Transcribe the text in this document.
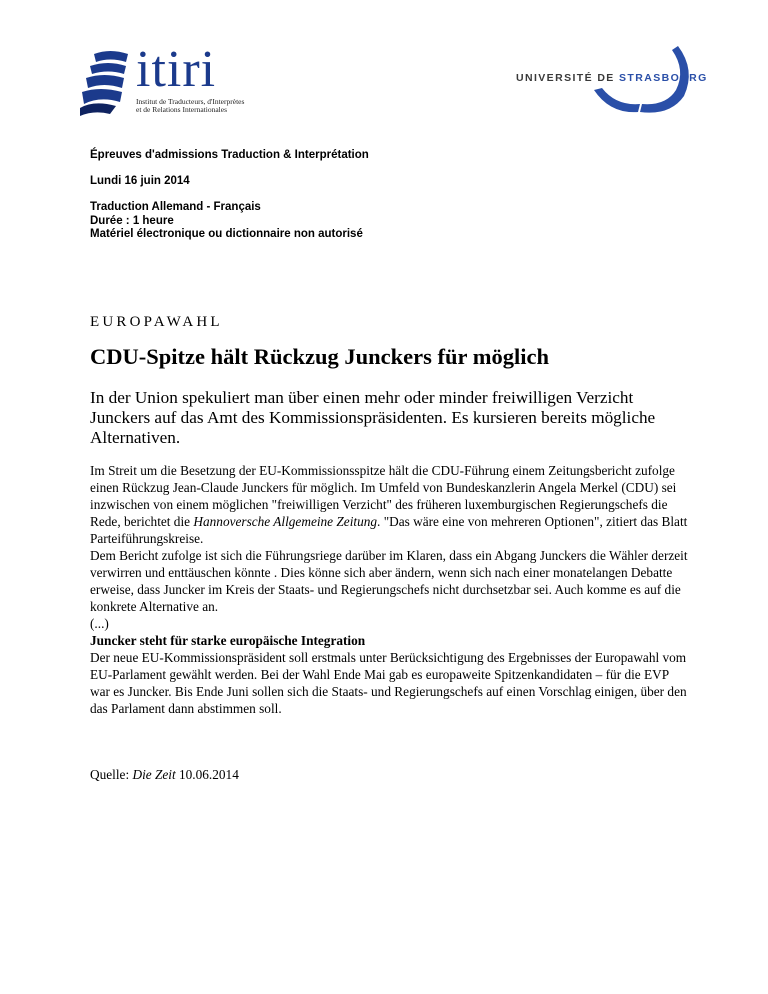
itiri
Institut de Traducteurs, d'Interprètes
et de Relations Internationales
UNIVERSITÉ DE STRASBOURG
Épreuves d'admissions Traduction & Interprétation
Lundi 16 juin 2014
Traduction Allemand - Français
Durée : 1 heure
Matériel électronique ou dictionnaire non autorisé
EUROPAWAHL
CDU-Spitze hält Rückzug Junckers für möglich
In der Union spekuliert man über einen mehr oder minder freiwilligen Verzicht Junckers auf das Amt des Kommissionspräsidenten. Es kursieren bereits mögliche Alternativen.

Im Streit um die Besetzung der EU-Kommissionsspitze hält die CDU-Führung einem Zeitungsbericht zufolge einen Rückzug Jean-Claude Junckers für möglich. Im Umfeld von Bundeskanzlerin Angela Merkel (CDU) sei inzwischen von einem möglichen "freiwilligen Verzicht" des früheren luxemburgischen Regierungschefs die Rede, berichtet die Hannoversche Allgemeine Zeitung. "Das wäre eine von mehreren Optionen", zitiert das Blatt Parteiführungskreise.

Dem Bericht zufolge ist sich die Führungsriege darüber im Klaren, dass ein Abgang Junckers die Wähler derzeit verwirren und enttäuschen könnte . Dies könne sich aber ändern, wenn sich nach einer monatelangen Debatte erweise, dass Juncker im Kreis der Staats- und Regierungschefs nicht durchsetzbar sei. Auch komme es auf die konkrete Alternative an.

(...)

Juncker steht für starke europäische Integration

Der neue EU-Kommissionspräsident soll erstmals unter Berücksichtigung des Ergebnisses der Europawahl vom EU-Parlament gewählt werden. Bei der Wahl Ende Mai gab es europaweite Spitzenkandidaten – für die EVP war es Juncker. Bis Ende Juni sollen sich die Staats- und Regierungschefs auf einen Vorschlag einigen, über den das Parlament dann abstimmen soll.

Quelle: Die Zeit 10.06.2014
